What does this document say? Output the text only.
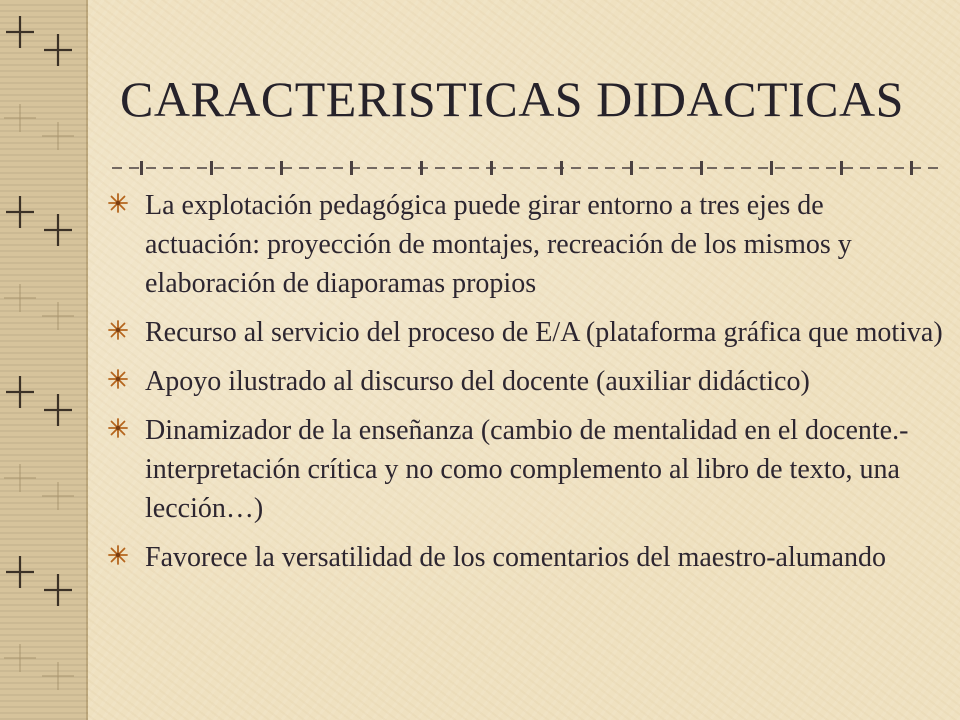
CARACTERISTICAS DIDACTICAS
La explotación pedagógica puede girar entorno a tres ejes de actuación: proyección de montajes, recreación de los mismos y elaboración de diaporamas propios
Recurso al servicio del proceso de E/A (plataforma gráfica que motiva)
Apoyo ilustrado al discurso del docente (auxiliar didáctico)
Dinamizador de la enseñanza (cambio de mentalidad en el docente.- interpretación crítica y no como complemento al libro de texto, una lección…)
Favorece la versatilidad de los comentarios del maestro-alumando
